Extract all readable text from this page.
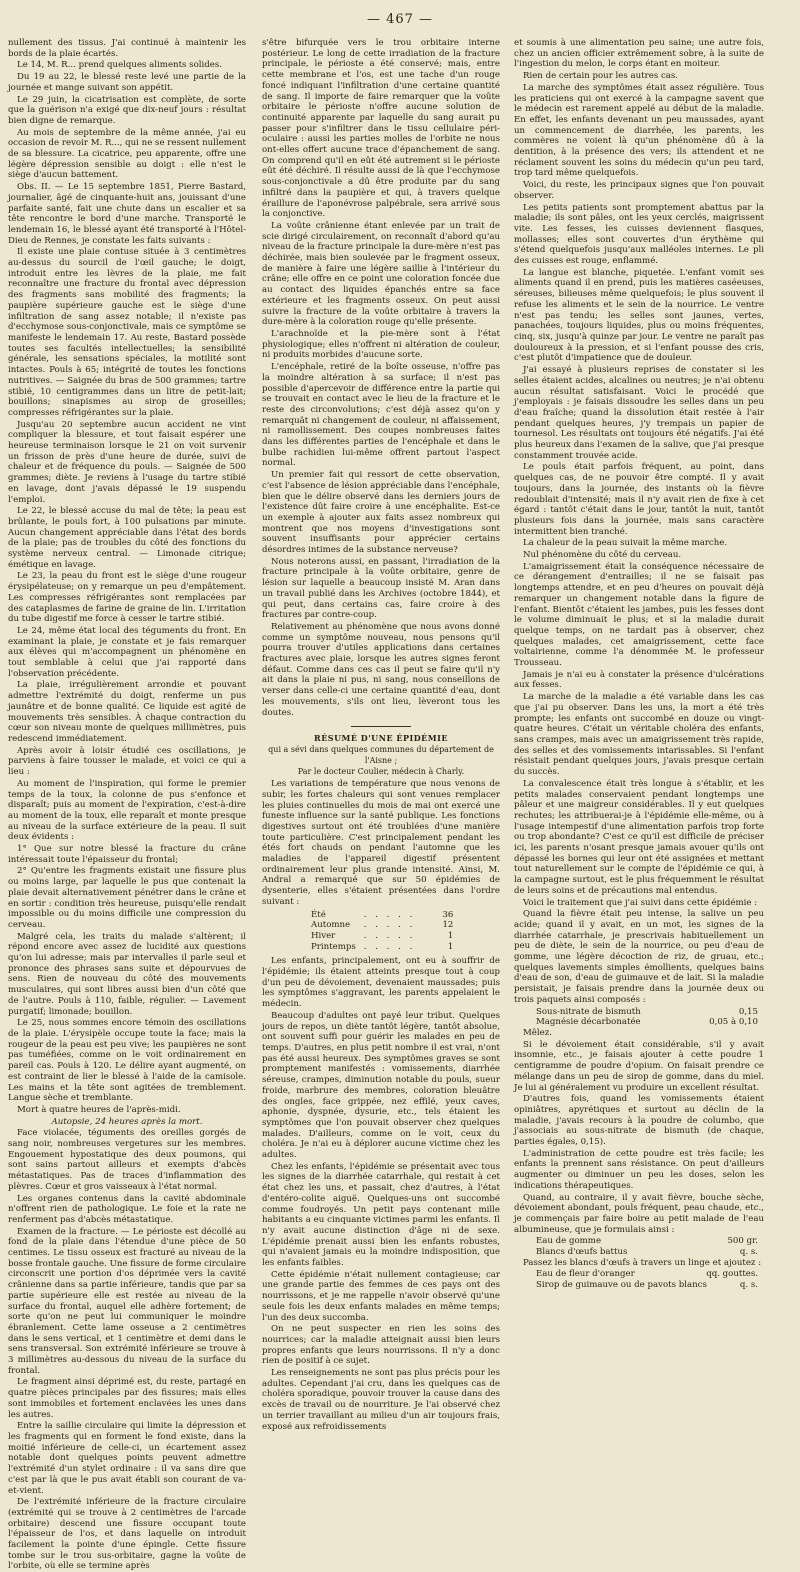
— 467 —

nullement des tissus. J'ai continué à maintenir les bords de la plaie écartés.

Le 14, M. R... prend quelques aliments solides.

Du 19 au 22, le blessé reste levé une partie de la journée et mange suivant son appétit.

Le 29 juin, la cicatrisation est complète, de sorte que la guérison n'a exigé que dix-neuf jours : résultat bien digne de remarque.

Au mois de septembre de la même année, j'ai eu occasion de revoir M. R..., qui ne se ressent nullement de sa blessure. La cicatrice, peu apparente, offre une légère dépression sensible au doigt : elle n'est le siège d'aucun battement.

Obs. II. — Le 15 septembre 1851, Pierre Bastard, journalier, âgé de cinquante-huit ans, jouissant d'une parfaite santé, fait une chute dans un escalier et sa tête rencontre le bord d'une marche. Transporté le lendemain 16, le blessé ayant été transporté à l'Hôtel-Dieu de Rennes, je constate les faits suivants :

Il existe une plaie contuse située à 3 centimètres au-dessus du sourcil de l'œil gauche; le doigt, introduit entre les lèvres de la plaie, me fait reconnaître une fracture du frontal avec dépression des fragments sans mobilité des fragments; la paupière supérieure gauche est le siège d'une infiltration de sang assez notable; il n'existe pas d'ecchymose sous-conjonctivale, mais ce symptôme se manifeste le lendemain 17. Au reste, Bastard possède toutes ses facultés intellectuelles; la sensibilité générale, les sensations spéciales, la motilité sont intactes. Pouls à 65; intégrité de toutes les fonctions nutritives. — Saignée du bras de 500 grammes; tartre stibié, 10 centigrammes dans un litre de petit-lait; bouillons; sinapismes au sirop de groseilles; compresses réfrigérantes sur la plaie.

Jusqu'au 20 septembre aucun accident ne vint compliquer la blessure, et tout faisait espérer une heureuse terminaison lorsque le 21 on voit survenir un frisson de près d'une heure de durée, suivi de chaleur et de fréquence du pouls. — Saignée de 500 grammes; diète. Je reviens à l'usage du tartre stibié en lavage, dont j'avais dépassé le 19 suspendu l'emploi.

Le 22, le blessé accuse du mal de tête; la peau est brûlante, le pouls fort, à 100 pulsations par minute. Aucun changement appréciable dans l'état des bords de la plaie; pas de troubles du côté des fonctions du système nerveux central. — Limonade citrique; émétique en lavage.

Le 23, la peau du front est le siège d'une rougeur érysipélateuse; on y remarque un peu d'empâtement. Les compresses réfrigérantes sont remplacées par des cataplasmes de farine de graine de lin. L'irritation du tube digestif me force à cesser le tartre stibié.

Le 24, même état local des téguments du front. En examinant la plaie, je constate et je fais remarquer aux élèves qui m'accompagnent un phénomène en tout semblable à celui que j'ai rapporté dans l'observation précédente.

La plaie, irrégulièrement arrondie et pouvant admettre l'extrémité du doigt, renferme un pus jaunâtre et de bonne qualité. Ce liquide est agité de mouvements très sensibles. À chaque contraction du cœur son niveau monte de quelques millimètres, puis redescend immédiatement.

Après avoir à loisir étudié ces oscillations, je parviens à faire tousser le malade, et voici ce qui a lieu :

Au moment de l'inspiration, qui forme le premier temps de la toux, la colonne de pus s'enfonce et disparaît; puis au moment de l'expiration, c'est-à-dire au moment de la toux, elle reparaît et monte presque au niveau de la surface extérieure de la peau. Il suit deux évidents :

1° Que sur notre blessé la fracture du crâne intéressait toute l'épaisseur du frontal;

2° Qu'entre les fragments existait une fissure plus ou moins large, par laquelle le pus que contenait la plaie devait alternativement pénétrer dans le crâne et en sortir : condition très heureuse, puisqu'elle rendait impossible ou du moins difficile une compression du cerveau.

Malgré cela, les traits du malade s'altèrent; il répond encore avec assez de lucidité aux questions qu'on lui adresse; mais par intervalles il parle seul et prononce des phrases sans suite et dépourvues de sens. Rien de nouveau du côté des mouvements musculaires, qui sont libres aussi bien d'un côté que de l'autre. Pouls à 110, faible, régulier. — Lavement purgatif; limonade; bouillon.

Le 25, nous sommes encore témoin des oscillations de la plaie. L'érysipèle occupe toute la face; mais la rougeur de la peau est peu vive; les paupières ne sont pas tuméfiées, comme on le voit ordinairement en pareil cas. Pouls à 120. Le délire ayant augmenté, on est contraint de lier le blessé à l'aide de la camisole. Les mains et la tête sont agitées de tremblement. Langue sèche et tremblante.

Mort à quatre heures de l'après-midi.

Autopsie, 24 heures après la mort.

Face violacée, téguments des oreilles gorgés de sang noir, nombreuses vergetures sur les membres. Engouement hypostatique des deux poumons, qui sont sains partout ailleurs et exempts d'abcès métastatiques. Pas de traces d'inflammation des plèvres. Cœur et gros vaisseaux à l'état normal.

Les organes contenus dans la cavité abdominale n'offrent rien de pathologique. Le foie et la rate ne renferment pas d'abcès métastatique.

Examen de la fracture. — Le périoste est décollé au fond de la plaie dans l'étendue d'une pièce de 50 centimes. Le tissu osseux est fracturé au niveau de la bosse frontale gauche. Une fissure de forme circulaire circonscrit une portion d'os déprimée vers la cavité crânienne dans sa partie inférieure, tandis que par sa partie supérieure elle est restée au niveau de la surface du frontal, auquel elle adhère fortement; de sorte qu'on ne peut lui communiquer le moindre ébranlement. Cette lame osseuse a 2 centimètres dans le sens vertical, et 1 centimètre et demi dans le sens transversal. Son extrémité inférieure se trouve à 3 millimètres au-dessous du niveau de la surface du frontal.

Le fragment ainsi déprimé est, du reste, partagé en quatre pièces principales par des fissures; mais elles sont immobiles et fortement enclavées les unes dans les autres.

Entre la saillie circulaire qui limite la dépression et les fragments qui en forment le fond existe, dans la moitié inférieure de celle-ci, un écartement assez notable dont quelques points peuvent admettre l'extrémité d'un stylet ordinaire : il va sans dire que c'est par là que le pus avait établi son courant de va-et-vient.

De l'extrémité inférieure de la fracture circulaire (extrémité qui se trouve à 2 centimètres de l'arcade orbitaire) descend une fissure occupant toute l'épaisseur de l'os, et dans laquelle on introduit facilement la pointe d'une épingle. Cette fissure tombe sur le trou sus-orbitaire, gagne la voûte de l'orbite, où elle se termine après

s'être bifurquée vers le trou orbitaire interne postérieur. Le long de cette irradiation de la fracture principale, le périoste a été conservé; mais, entre cette membrane et l'os, est une tache d'un rouge foncé indiquant l'infiltration d'une certaine quantité de sang. Il importe de faire remarquer que la voûte orbitaire le périoste n'offre aucune solution de continuité apparente par laquelle du sang aurait pu passer pour s'infiltrer dans le tissu cellulaire péri-oculaire : aussi les parties molles de l'orbite ne nous ont-elles offert aucune trace d'épanchement de sang. On comprend qu'il en eût été autrement si le périoste eût été déchiré. Il résulte aussi de là que l'ecchymose sous-conjonctivale a dû être produite par du sang infiltré dans la paupière et qui, à travers quelque éraillure de l'aponévrose palpébrale, sera arrivé sous la conjonctive.

La voûte crânienne étant enlevée par un trait de scie dirigé circulairement, on reconnaît d'abord qu'au niveau de la fracture principale la dure-mère n'est pas déchirée, mais bien soulevée par le fragment osseux, de manière à faire une légère saillie à l'intérieur du crâne; elle offre en ce point une coloration foncée due au contact des liquides épanchés entre sa face extérieure et les fragments osseux. On peut aussi suivre la fracture de la voûte orbitaire à travers la dure-mère à la coloration rouge qu'elle présente.

L'arachnoïde et la pie-mère sont à l'état physiologique; elles n'offrent ni altération de couleur, ni produits morbides d'aucune sorte.

L'encéphale, retiré de la boîte osseuse, n'offre pas la moindre altération à sa surface; il n'est pas possible d'apercevoir de différence entre la partie qui se trouvait en contact avec le lieu de la fracture et le reste des circonvolutions; c'est déjà assez qu'on y remarquât ni changement de couleur, ni affaissement, ni ramollissement. Des coupes nombreuses faites dans les différentes parties de l'encéphale et dans le bulbe rachidien lui-même offrent partout l'aspect normal.

Un premier fait qui ressort de cette observation, c'est l'absence de lésion appréciable dans l'encéphale, bien que le délire observé dans les derniers jours de l'existence dût faire croire à une encéphalite. Est-ce un exemple à ajouter aux faits assez nombreux qui montrent que nos moyens d'investigations sont souvent insuffisants pour apprécier certains désordres intimes de la substance nerveuse?

Nous noterons aussi, en passant, l'irradiation de la fracture principale à la voûte orbitaire, genre de lésion sur laquelle a beaucoup insisté M. Aran dans un travail publié dans les Archives (octobre 1844), et qui peut, dans certains cas, faire croire à des fractures par contre-coup.

Relativement au phénomène que nous avons donné comme un symptôme nouveau, nous pensons qu'il pourra trouver d'utiles applications dans certaines fractures avec plaie, lorsque les autres signes feront défaut. Comme dans ces cas il peut se faire qu'il n'y ait dans la plaie ni pus, ni sang, nous conseillons de verser dans celle-ci une certaine quantité d'eau, dont les mouvements, s'ils ont lieu, lèveront tous les doutes.

RÉSUMÉ D'UNE ÉPIDÉMIE

qui a sévi dans quelques communes du département de l'Aisne ;

Par le docteur Coulier, médecin à Charly.

Les variations de température que nous venons de subir, les fortes chaleurs qui sont venues remplacer les pluies continuelles du mois de mai ont exercé une funeste influence sur la santé publique. Les fonctions digestives surtout ont été troublées d'une manière toute particulière. C'est principalement pendant les étés fort chauds on pendant l'automne que les maladies de l'appareil digestif présentent ordinairement leur plus grande intensité. Ainsi, M. Andral a remarqué que sur 50 épidémies de dysenterie, elles s'étaient présentées dans l'ordre suivant :

Été	. . . . .	36
Automne	. . . . .	12
Hiver	. . . . .	1
Printemps	. . . . .	1

Les enfants, principalement, ont eu à souffrir de l'épidémie; ils étaient atteints presque tout à coup d'un peu de dévoiement, devenaient maussades; puis les symptômes s'aggravant, les parents appelaient le médecin.

Beaucoup d'adultes ont payé leur tribut. Quelques jours de repos, un diète tantôt légère, tantôt absolue, ont souvent suffi pour guérir les malades en peu de temps. D'autres, en plus petit nombre il est vrai, n'ont pas été aussi heureux. Des symptômes graves se sont promptement manifestés : vomissements, diarrhée séreuse, crampes, diminution notable du pouls, sueur froide, marbrure des membres, coloration bleuâtre des ongles, face grippée, nez effilé, yeux caves, aphonie, dyspnée, dysurie, etc., tels étaient les symptômes que l'on pouvait observer chez quelques malades. D'ailleurs, comme on le voit, ceux du choléra. Je n'ai eu à déplorer aucune victime chez les adultes.

Chez les enfants, l'épidémie se présentait avec tous les signes de la diarrhée catarrhale, qui restait à cet état chez les uns, et passait, chez d'autres, à l'état d'entéro-colite aiguë. Quelques-uns ont succombé comme foudroyés. Un petit pays contenant mille habitants a eu cinquante victimes parmi les enfants. Il n'y avait aucune distinction d'âge ni de sexe. L'épidémie prenait aussi bien les enfants robustes, qui n'avaient jamais eu la moindre indisposition, que les enfants faibles.

Cette épidémie n'était nullement contagieuse; car une grande partie des femmes de ces pays ont des nourrissons, et je me rappelle n'avoir observé qu'une seule fois les deux enfants malades en même temps; l'un des deux succomba.

On ne peut suspecter en rien les soins des nourrices; car la maladie atteignait aussi bien leurs propres enfants que leurs nourrissons. Il n'y a donc rien de positif à ce sujet.

Les renseignements ne sont pas plus précis pour les adultes. Cependant j'ai cru, dans les quelques cas de choléra sporadique, pouvoir trouver la cause dans des excès de travail ou de nourriture. Je l'ai observé chez un terrier travaillant au milieu d'un air toujours frais, exposé aux refroidissements

et soumis à une alimentation peu saine; une autre fois, chez un ancien officier extrêmement sobre, à la suite de l'ingestion du melon, le corps étant en moiteur.

Rien de certain pour les autres cas.

La marche des symptômes était assez régulière. Tous les praticiens qui ont exercé à la campagne savent que le médecin est rarement appelé au début de la maladie. En effet, les enfants devenant un peu maussades, ayant un commencement de diarrhée, les parents, les commères ne voient là qu'un phénomène dû à la dentition, à la présence des vers; ils attendent et ne réclament souvent les soins du médecin qu'un peu tard, trop tard même quelquefois.

Voici, du reste, les principaux signes que l'on pouvait observer.

Les petits patients sont promptement abattus par la maladie; ils sont pâles, ont les yeux cerclés, maigrissent vite. Les fesses, les cuisses deviennent flasques, mollasses; elles sont couvertes d'un érythème qui s'étend quelquefois jusqu'aux malléoles internes. Le pli des cuisses est rouge, enflammé.

La langue est blanche, piquetée. L'enfant vomit ses aliments quand il en prend, puis les matières caséeuses, séreuses, bilieuses même quelquefois; le plus souvent il refuse les aliments et le sein de la nourrice. Le ventre n'est pas tendu; les selles sont jaunes, vertes, panachées, toujours liquides, plus ou moins fréquentes, cinq, six, jusqu'à quinze par jour. Le ventre ne paraît pas douloureux à la pression, et si l'enfant pousse des cris, c'est plutôt d'impatience que de douleur.

J'ai essayé à plusieurs reprises de constater si les selles étaient acides, alcalines ou neutres; je n'ai obtenu aucun résultat satisfaisant. Voici le procédé que j'employais : je faisais dissoudre les selles dans un peu d'eau fraîche; quand la dissolution était restée à l'air pendant quelques heures, j'y trempais un papier de tournesol. Les résultats ont toujours été négatifs. J'ai été plus heureux dans l'examen de la salive, que j'ai presque constamment trouvée acide.

Le pouls était parfois fréquent, au point, dans quelques cas, de ne pouvoir être compté. Il y avait toujours, dans la journée, des instants où la fièvre redoublait d'intensité; mais il n'y avait rien de fixe à cet égard : tantôt c'était dans le jour, tantôt la nuit, tantôt plusieurs fois dans la journée, mais sans caractère intermittent bien tranché.

La chaleur de la peau suivait la même marche.

Nul phénomène du côté du cerveau.

L'amaigrissement était la conséquence nécessaire de ce dérangement d'entrailles; il ne se faisait pas longtemps attendre, et en peu d'heures on pouvait déjà remarquer un changement notable dans la figure de l'enfant. Bientôt c'étaient les jambes, puis les fesses dont le volume diminuait le plus; et si la maladie durait quelque temps, on ne tardait pas à observer, chez quelques malades, cet amaigrissement, cette face voltairienne, comme l'a dénommée M. le professeur Trousseau.

Jamais je n'ai eu à constater la présence d'ulcérations aux fesses.

La marche de la maladie a été variable dans les cas que j'ai pu observer. Dans les uns, la mort a été très prompte; les enfants ont succombé en douze ou vingt-quatre heures. C'était un véritable choléra des enfants, sans crampes, mais avec un amaigrissement très rapide, des selles et des vomissements intarissables. Si l'enfant résistait pendant quelques jours, j'avais presque certain du succès.

La convalescence était très longue à s'établir, et les petits malades conservaient pendant longtemps une pâleur et une maigreur considérables. Il y eut quelques rechutes; les attribuerai-je à l'épidémie elle-même, ou à l'usage intempestif d'une alimentation parfois trop forte ou trop abondante? C'est ce qu'il est difficile de préciser ici, les parents n'osant presque jamais avouer qu'ils ont dépassé les bornes qui leur ont été assignées et mettant tout naturellement sur le compte de l'épidémie ce qui, à la campagne surtout, est le plus fréquemment le résultat de leurs soins et de précautions mal entendus.

Voici le traitement que j'ai suivi dans cette épidémie :

Quand la fièvre était peu intense, la salive un peu acide; quand il y avait, en un mot, les signes de la diarrhée catarrhale, je prescrivais habituellement un peu de diète, le sein de la nourrice, ou peu d'eau de gomme, une légère décoction de riz, de gruau, etc.; quelques lavements simples émollients, quelques bains d'eau de son, d'eau de guimauve et de lait. Si la maladie persistait, je faisais prendre dans la journée deux ou trois paquets ainsi composés :

Sous-nitrate de bismuth	0,15
Magnésie décarbonatée	0,05 à 0,10

Mêlez.

Si le dévoiement était considérable, s'il y avait insomnie, etc., je faisais ajouter à cette poudre 1 centigramme de poudre d'opium. On faisait prendre ce mélange dans un peu de sirop de gomme, dans du miel. Je lui ai généralement vu produire un excellent résultat.

D'autres fois, quand les vomissements étaient opiniâtres, apyrétiques et surtout au déclin de la maladie, j'avais recours à la poudre de columbo, que j'associais au sous-nitrate de bismuth (de chaque, parties égales, 0,15).

L'administration de cette poudre est très facile; les enfants la prennent sans résistance. On peut d'ailleurs augmenter ou diminuer un peu les doses, selon les indications thérapeutiques.

Quand, au contraire, il y avait fièvre, bouche sèche, dévoiement abondant, pouls fréquent, peau chaude, etc., je commençais par faire boire au petit malade de l'eau albumineuse, que je formulais ainsi :

Eau de gomme	500 gr.
Blancs d'œufs battus	q. s.

Passez les blancs d'œufs à travers un linge et ajoutez :

Eau de fleur d'oranger	qq. gouttes.
Sirop de guimauve ou de pavots blancs	q. s.
